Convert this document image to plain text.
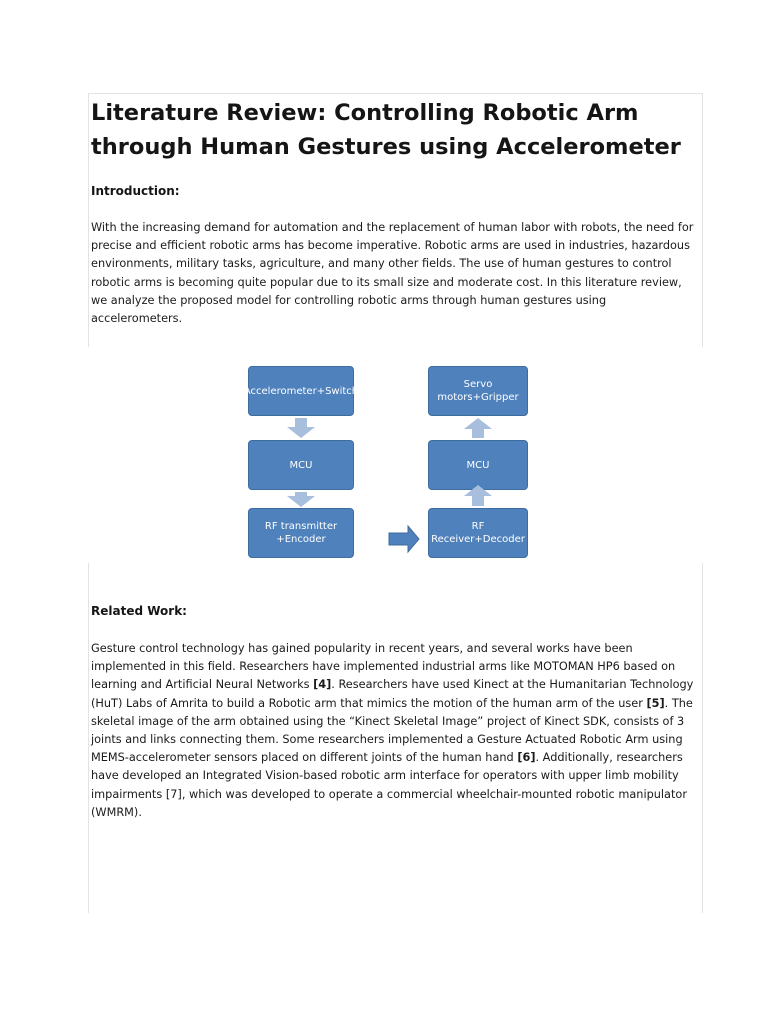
Literature Review: Controlling Robotic Arm through Human Gestures using Accelerometer
Introduction:

With the increasing demand for automation and the replacement of human labor with robots, the need for precise and efficient robotic arms has become imperative. Robotic arms are used in industries, hazardous environments, military tasks, agriculture, and many other fields. The use of human gestures to control robotic arms is becoming quite popular due to its small size and moderate cost. In this literature review, we analyze the proposed model for controlling robotic arms through human gestures using accelerometers.

Accelerometer+Switch
MCU
RF transmitter +Encoder
Servo motors+Gripper
MCU
RF Receiver+Decoder
Related Work:

Gesture control technology has gained popularity in recent years, and several works have been implemented in this field. Researchers have implemented industrial arms like MOTOMAN HP6 based on learning and Artificial Neural Networks [4]. Researchers have used Kinect at the Humanitarian Technology (HuT) Labs of Amrita to build a Robotic arm that mimics the motion of the human arm of the user [5]. The skeletal image of the arm obtained using the “Kinect Skeletal Image” project of Kinect SDK, consists of 3 joints and links connecting them. Some researchers implemented a Gesture Actuated Robotic Arm using MEMS-accelerometer sensors placed on different joints of the human hand [6]. Additionally, researchers have developed an Integrated Vision-based robotic arm interface for operators with upper limb mobility impairments [7], which was developed to operate a commercial wheelchair-mounted robotic manipulator (WMRM).
